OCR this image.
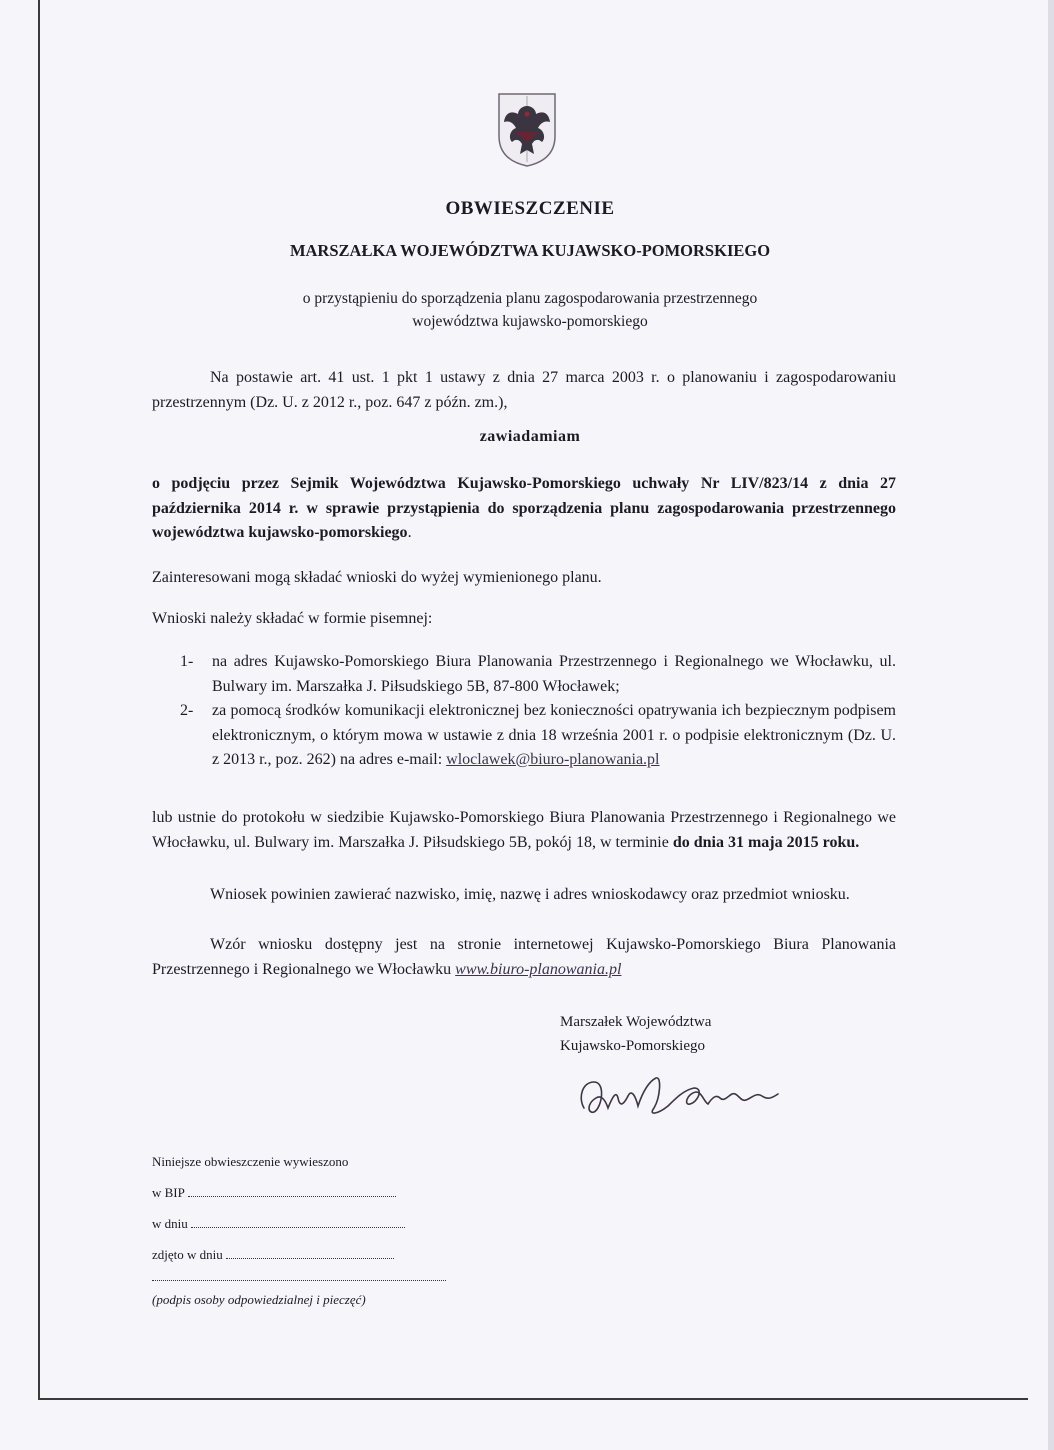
OBWIESZCZENIE
MARSZAŁKA WOJEWÓDZTWA KUJAWSKO-POMORSKIEGO
o przystąpieniu do sporządzenia planu zagospodarowania przestrzennego
województwa kujawsko-pomorskiego
Na postawie art. 41 ust. 1 pkt 1 ustawy z dnia 27 marca 2003 r. o planowaniu i zagospodarowaniu przestrzennym (Dz. U. z 2012 r., poz. 647 z późn. zm.),
zawiadamiam
o podjęciu przez Sejmik Województwa Kujawsko-Pomorskiego uchwały Nr LIV/823/14 z dnia 27 października 2014 r. w sprawie przystąpienia do sporządzenia planu zagospodarowania przestrzennego województwa kujawsko-pomorskiego.
Zainteresowani mogą składać wnioski do wyżej wymienionego planu.
Wnioski należy składać w formie pisemnej:
1-	na adres Kujawsko-Pomorskiego Biura Planowania Przestrzennego i Regionalnego we Włocławku, ul. Bulwary im. Marszałka J. Piłsudskiego 5B, 87-800 Włocławek;
2-	za pomocą środków komunikacji elektronicznej bez konieczności opatrywania ich bezpiecznym podpisem elektronicznym, o którym mowa w ustawie z dnia 18 września 2001 r. o podpisie elektronicznym (Dz. U. z 2013 r., poz. 262) na adres e-mail: wloclawek@biuro-planowania.pl
lub ustnie do protokołu w siedzibie Kujawsko-Pomorskiego Biura Planowania Przestrzennego i Regionalnego we Włocławku, ul. Bulwary im. Marszałka J. Piłsudskiego 5B, pokój 18, w terminie do dnia 31 maja 2015 roku.
Wniosek powinien zawierać nazwisko, imię, nazwę i adres wnioskodawcy oraz przedmiot wniosku.
Wzór wniosku dostępny jest na stronie internetowej Kujawsko-Pomorskiego Biura Planowania Przestrzennego i Regionalnego we Włocławku www.biuro-planowania.pl
Marszałek Województwa
Kujawsko-Pomorskiego
Niniejsze obwieszczenie wywieszono
w BIP
w dniu
zdjęto w dniu
(podpis osoby odpowiedzialnej i pieczęć)
